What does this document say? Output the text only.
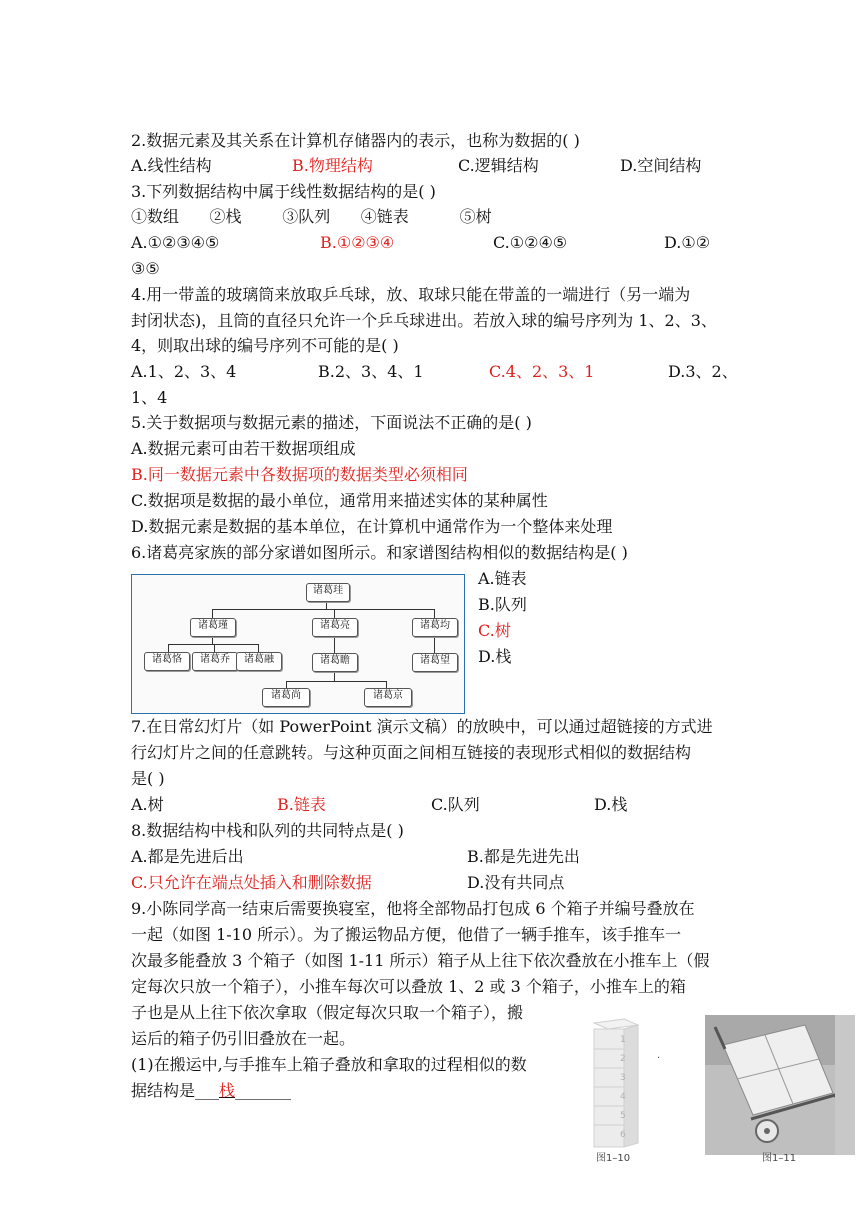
2.数据元素及其关系在计算机存储器内的表示，也称为数据的( )
A.线性结构	B.物理结构	C.逻辑结构	D.空间结构
3.下列数据结构中属于线性数据结构的是( )
①数组      ②栈        ③队列      ④链表          ⑤树
A.①②③④⑤	B.①②③④	C.①②④⑤	D.①②
③⑤
4.用一带盖的玻璃筒来放取乒乓球，放、取球只能在带盖的一端进行（另一端为
封闭状态)，且筒的直径只允许一个乒乓球进出。若放入球的编号序列为 1、2、3、
4，则取出球的编号序列不可能的是( )
A.1、2、3、4	B.2、3、4、1	C.4、2、3、1	D.3、2、
1、4
5.关于数据项与数据元素的描述，下面说法不正确的是( )
A.数据元素可由若干数据项组成
B.同一数据元素中各数据项的数据类型必须相同
C.数据项是数据的最小单位，通常用来描述实体的某种属性
D.数据元素是数据的基本单位，在计算机中通常作为一个整体来处理
6.诸葛亮家族的部分家谱如图所示。和家谱图结构相似的数据结构是( )
诸葛珪
诸葛瑾	诸葛亮	诸葛均
诸葛恪	诸葛乔	诸葛融	诸葛瞻	诸葛望
诸葛尚	诸葛京
A.链表
B.队列
C.树
D.栈
7.在日常幻灯片（如 PowerPoint 演示文稿）的放映中，可以通过超链接的方式进
行幻灯片之间的任意跳转。与这种页面之间相互链接的表现形式相似的数据结构
是( )
A.树	B.链表	C.队列	D.栈
8.数据结构中栈和队列的共同特点是( )
A.都是先进后出	B.都是先进先出
C.只允许在端点处插入和删除数据	D.没有共同点
9.小陈同学高一结束后需要换寝室，他将全部物品打包成 6 个箱子并编号叠放在
一起（如图 1-10 所示）。为了搬运物品方便，他借了一辆手推车，该手推车一
次最多能叠放 3 个箱子（如图 1-11 所示）箱子从上往下依次叠放在小推车上（假
定每次只放一个箱子），小推车每次可以叠放 1、2 或 3 个箱子，小推车上的箱
子也是从上往下依次拿取（假定每次只取一个箱子），搬
运后的箱子仍引旧叠放在一起。
(1)在搬运中,与手推车上箱子叠放和拿取的过程相似的数
据结构是___栈_______
1
2
3
4
5
6
图1–10	图1–11
·
